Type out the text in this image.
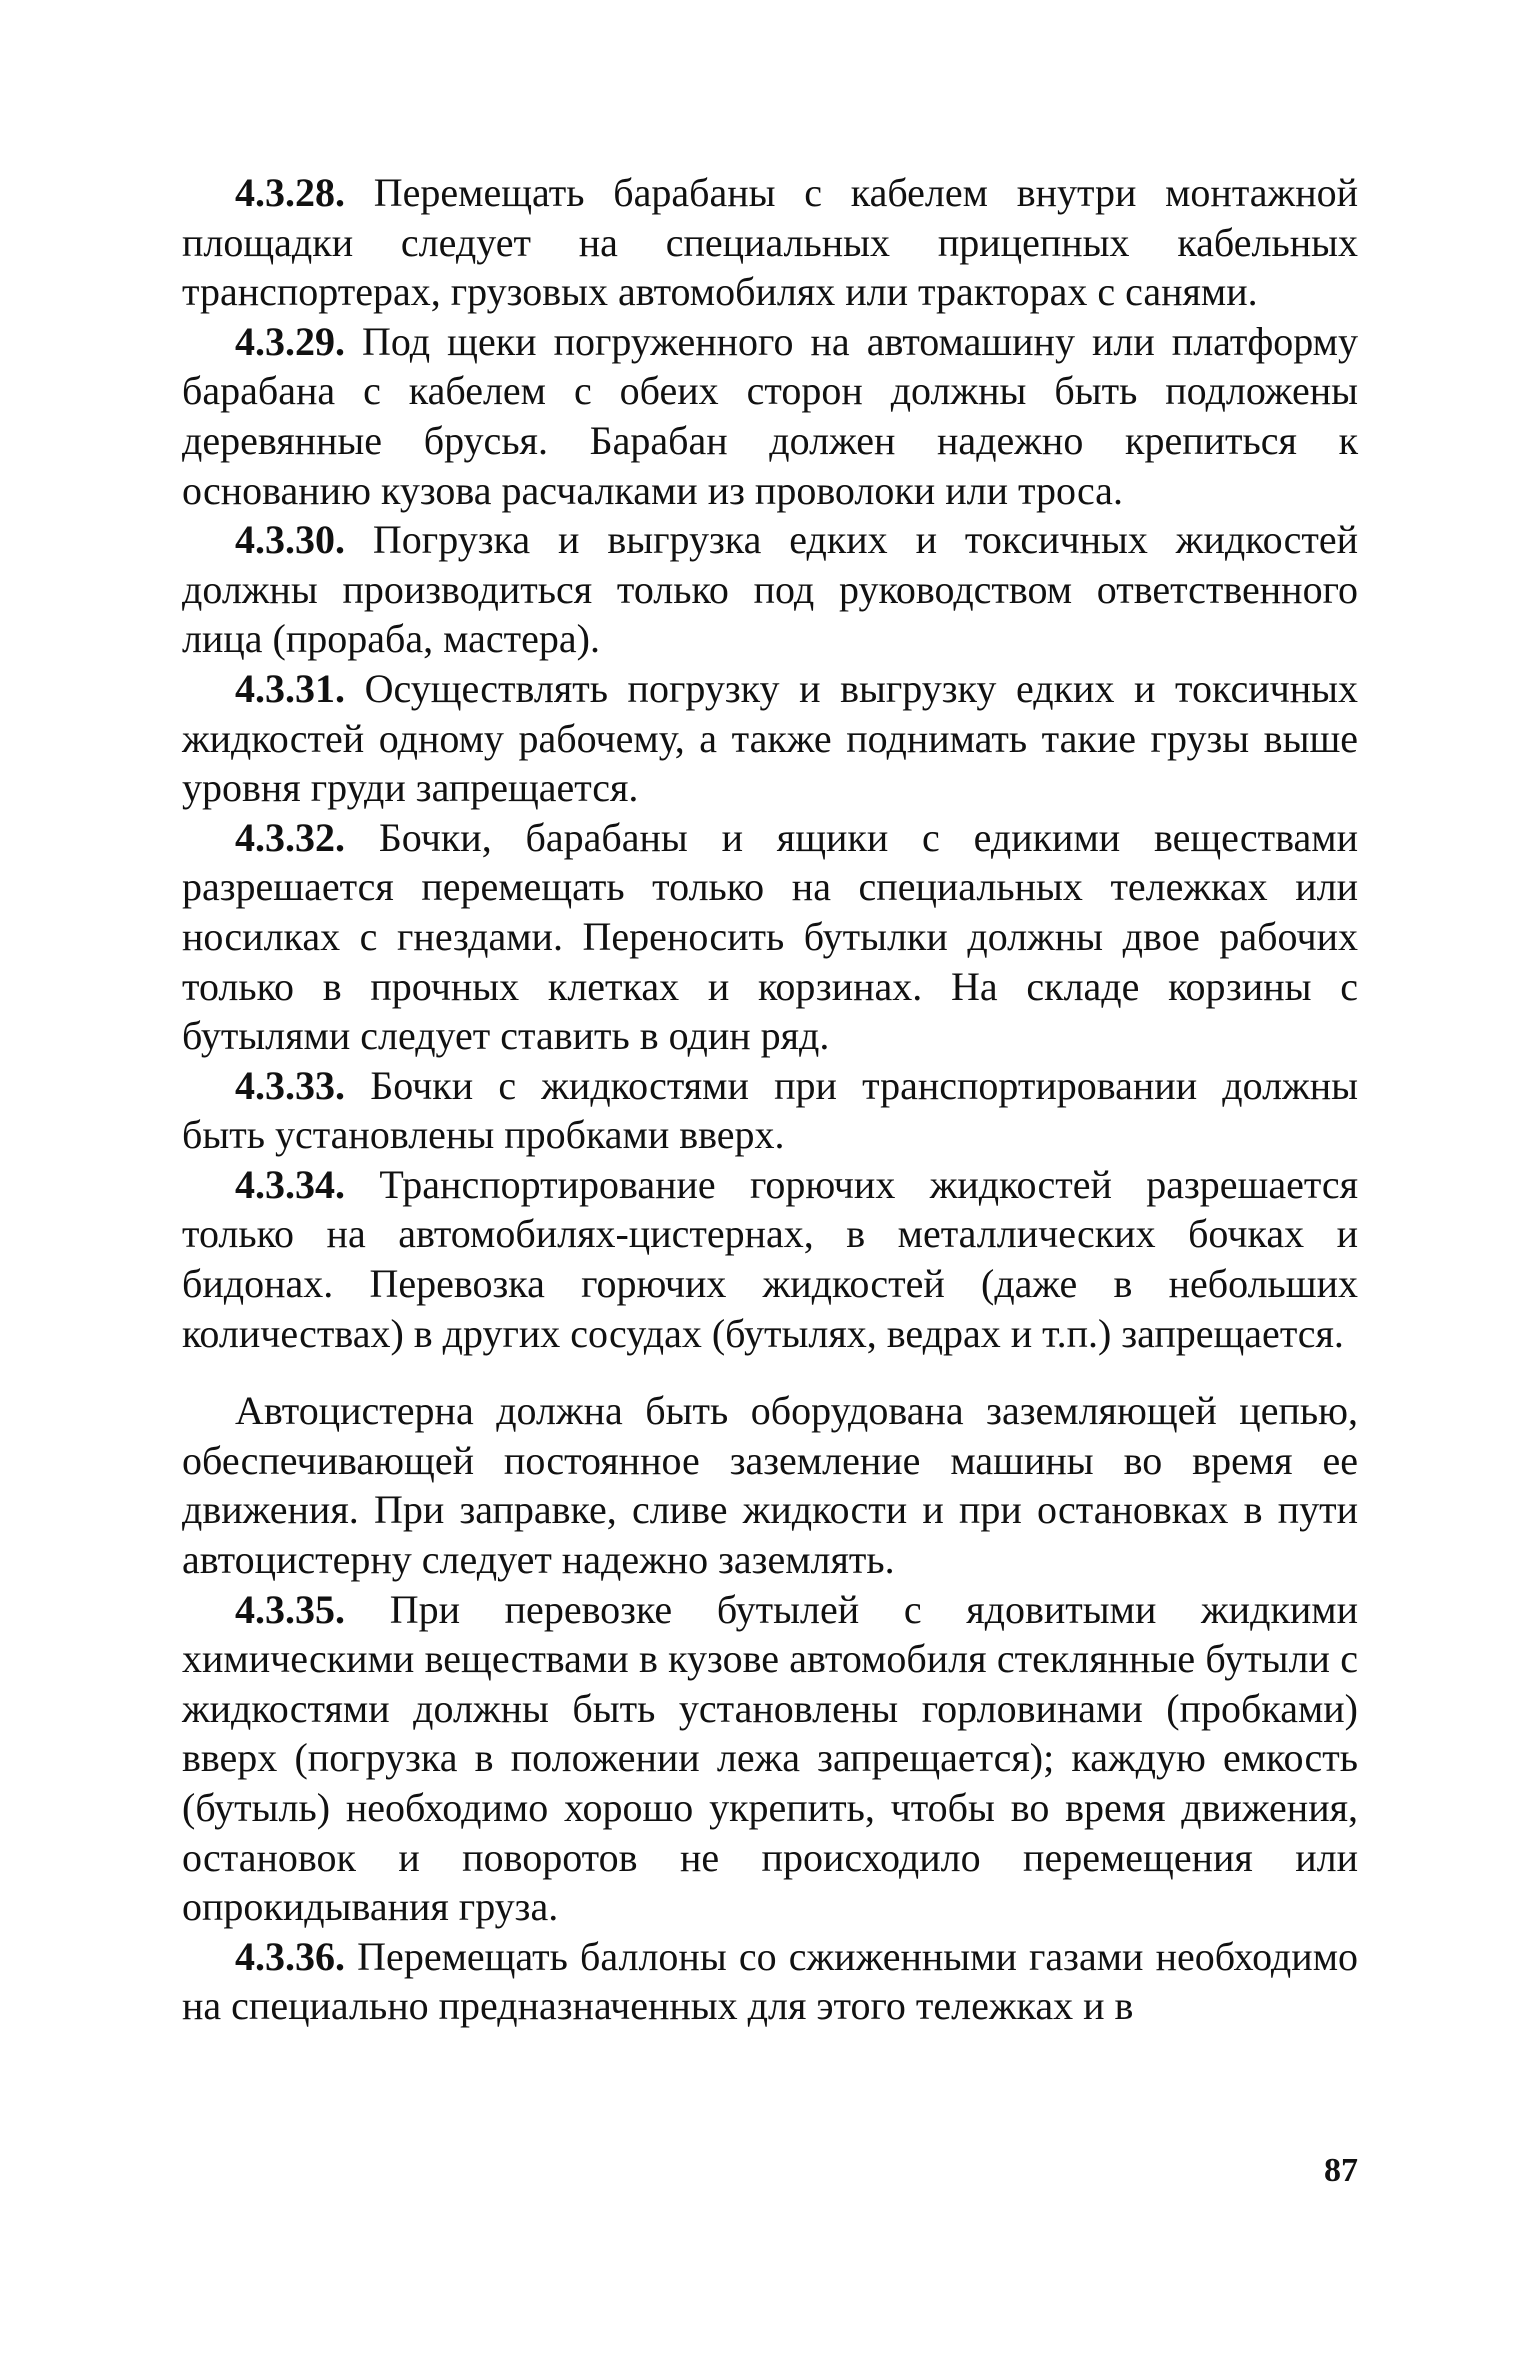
4.3.28. Перемещать барабаны с кабелем внутри монтажной площадки следует на специальных прицепных кабельных транспортерах, грузовых автомобилях или тракторах с санями.

4.3.29. Под щеки погруженного на автомашину или платформу барабана с кабелем с обеих сторон должны быть подложены деревянные брусья. Барабан должен надежно крепиться к основанию кузова расчалками из проволоки или троса.

4.3.30. Погрузка и выгрузка едких и токсичных жидкостей должны производиться только под руководством ответственного лица (прораба, мастера).

4.3.31. Осуществлять погрузку и выгрузку едких и токсичных жидкостей одному рабочему, а также поднимать такие грузы выше уровня груди запрещается.

4.3.32. Бочки, барабаны и ящики с едикими веществами разрешается перемещать только на специальных тележках или носилках с гнездами. Переносить бутылки должны двое рабочих только в прочных клетках и корзинах. На складе корзины с бутылями следует ставить в один ряд.

4.3.33. Бочки с жидкостями при транспортировании должны быть установлены пробками вверх.

4.3.34. Транспортирование горючих жидкостей разрешается только на автомобилях-цистернах, в металлических бочках и бидонах. Перевозка горючих жидкостей (даже в небольших количествах) в других сосудах (бутылях, ведрах и т.п.) запрещается.

Автоцистерна должна быть оборудована заземляющей цепью, обеспечивающей постоянное заземление машины во время ее движения. При заправке, сливе жидкости и при остановках в пути автоцистерну следует надежно заземлять.

4.3.35. При перевозке бутылей с ядовитыми жидкими химическими веществами в кузове автомобиля стеклянные бутыли с жидкостями должны быть установлены горловинами (пробками) вверх (погрузка в положении лежа запрещается); каждую емкость (бутыль) необходимо хорошо укрепить, чтобы во время движения, остановок и поворотов не происходило перемещения или опрокидывания груза.

4.3.36. Перемещать баллоны со сжиженными газами необходимо на специально предназначенных для этого тележках и в

87
